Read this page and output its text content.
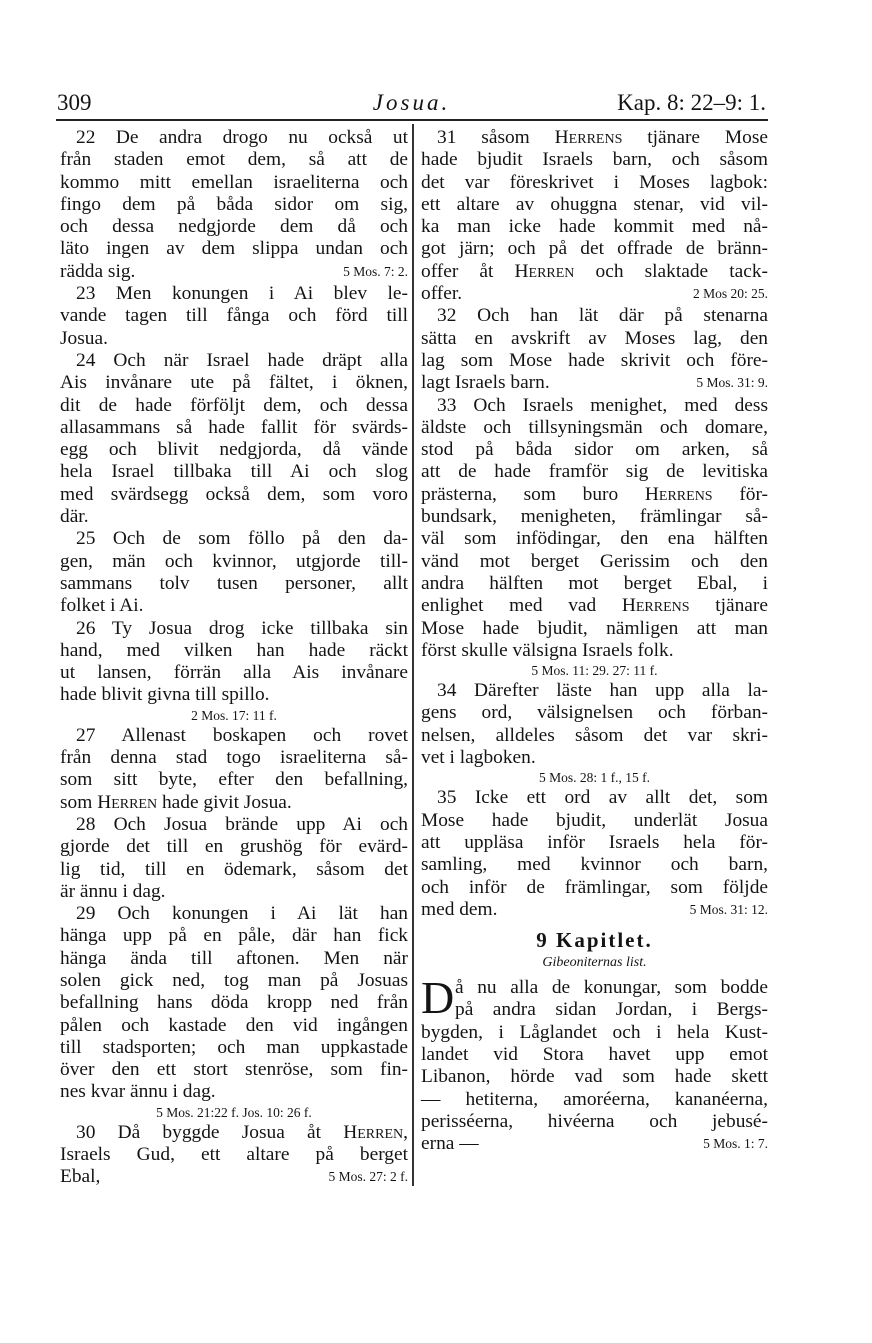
309	Josua.	Kap. 8: 22–9: 1.
22 De andra drogo nu också ut
från staden emot dem, så att de
kommo mitt emellan israeliterna och
fingo dem på båda sidor om sig,
och dessa nedgjorde dem då och
läto ingen av dem slippa undan och
rädda sig.	5 Mos. 7: 2.
23 Men konungen i Ai blev le-
vande tagen till fånga och förd till
Josua.
24 Och när Israel hade dräpt alla
Ais invånare ute på fältet, i öknen,
dit de hade förföljt dem, och dessa
allasammans så hade fallit för svärds-
egg och blivit nedgjorda, då vände
hela Israel tillbaka till Ai och slog
med svärdsegg också dem, som voro
där.
25 Och de som föllo på den da-
gen, män och kvinnor, utgjorde till-
sammans tolv tusen personer, allt
folket i Ai.
26 Ty Josua drog icke tillbaka sin
hand, med vilken han hade räckt
ut lansen, förrän alla Ais invånare
hade blivit givna till spillo.
2 Mos. 17: 11 f.
27 Allenast boskapen och rovet
från denna stad togo israeliterna så-
som sitt byte, efter den befallning,
som Herren hade givit Josua.
28 Och Josua brände upp Ai och
gjorde det till en grushög för evärd-
lig tid, till en ödemark, såsom det
är ännu i dag.
29 Och konungen i Ai lät han
hänga upp på en påle, där han fick
hänga ända till aftonen. Men när
solen gick ned, tog man på Josuas
befallning hans döda kropp ned från
pålen och kastade den vid ingången
till stadsporten; och man uppkastade
över den ett stort stenröse, som fin-
nes kvar ännu i dag.
5 Mos. 21:22 f. Jos. 10: 26 f.
30 Då byggde Josua åt Herren,
Israels Gud, ett altare på berget
Ebal,	5 Mos. 27: 2 f.
31 såsom Herrens tjänare Mose
hade bjudit Israels barn, och såsom
det var föreskrivet i Moses lagbok:
ett altare av ohuggna stenar, vid vil-
ka man icke hade kommit med nå-
got järn; och på det offrade de bränn-
offer åt Herren och slaktade tack-
offer.	2 Mos 20: 25.
32 Och han lät där på stenarna
sätta en avskrift av Moses lag, den
lag som Mose hade skrivit och före-
lagt Israels barn.	5 Mos. 31: 9.
33 Och Israels menighet, med dess
äldste och tillsyningsmän och domare,
stod på båda sidor om arken, så
att de hade framför sig de levitiska
prästerna, som buro Herrens för-
bundsark, menigheten, främlingar så-
väl som infödingar, den ena hälften
vänd mot berget Gerissim och den
andra hälften mot berget Ebal, i
enlighet med vad Herrens tjänare
Mose hade bjudit, nämligen att man
först skulle välsigna Israels folk.
5 Mos. 11: 29. 27: 11 f.
34 Därefter läste han upp alla la-
gens ord, välsignelsen och förban-
nelsen, alldeles såsom det var skri-
vet i lagboken.
5 Mos. 28: 1 f., 15 f.
35 Icke ett ord av allt det, som
Mose hade bjudit, underlät Josua
att uppläsa inför Israels hela för-
samling, med kvinnor och barn,
och inför de främlingar, som följde
med dem.	5 Mos. 31: 12.
9 Kapitlet.
Gibeoniternas list.
D å nu alla de konungar, som bodde
på andra sidan Jordan, i Bergs-
bygden, i Låglandet och i hela Kust-
landet vid Stora havet upp emot
Libanon, hörde vad som hade skett
— hetiterna, amoréerna, kananéerna,
perisséerna, hivéerna och jebusé-
erna —	5 Mos. 1: 7.
